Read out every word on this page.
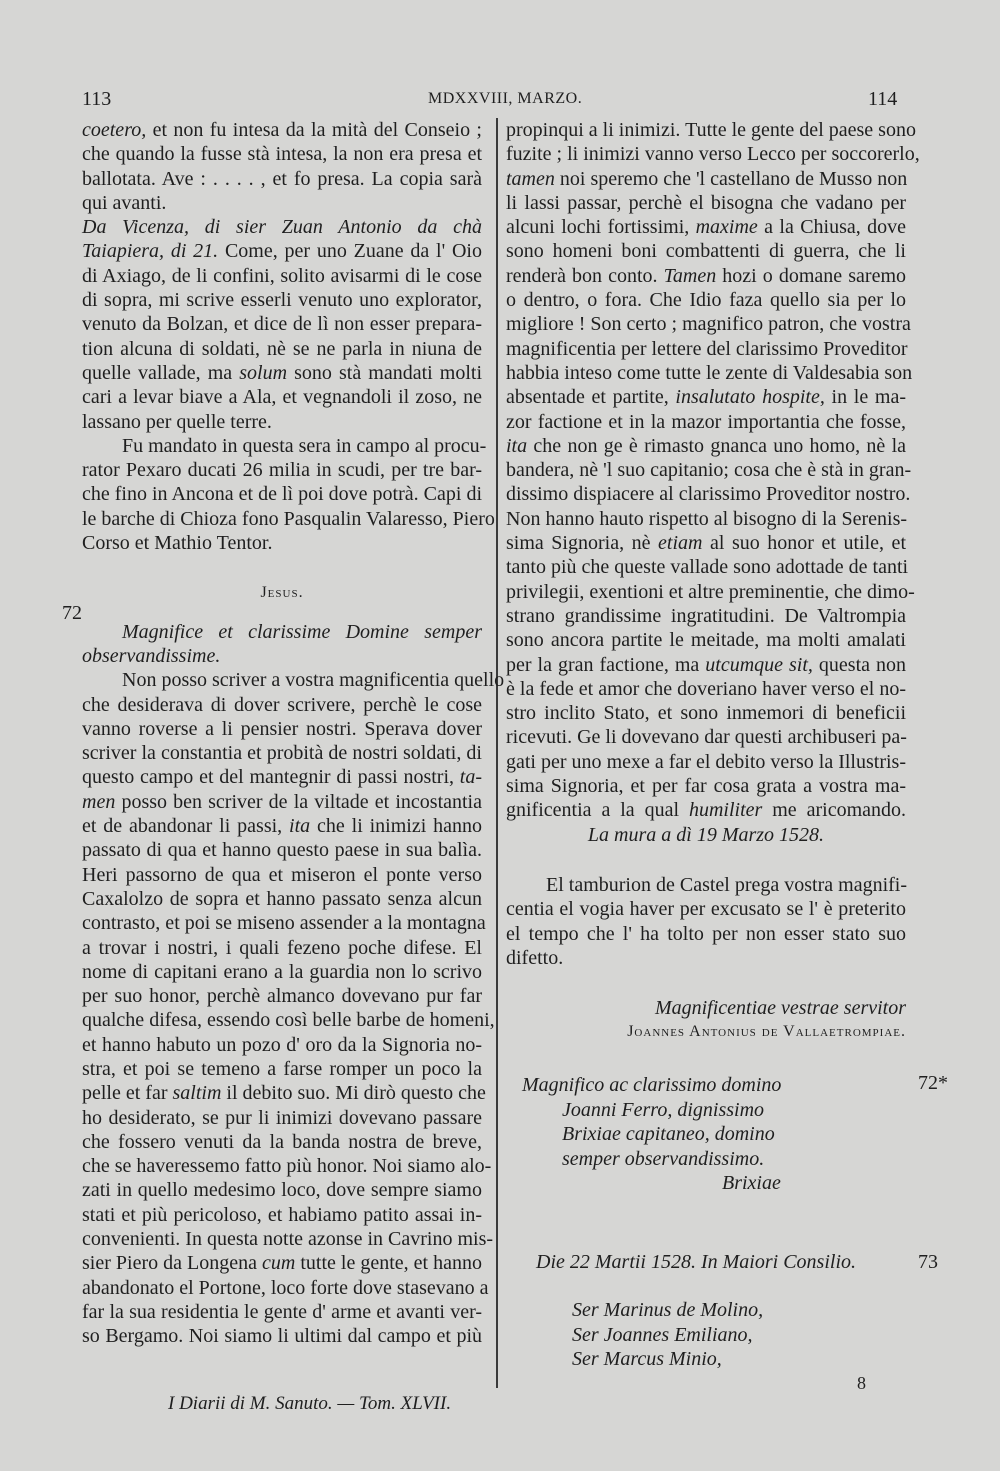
113	MDXXVIII, MARZO.	114
coetero, et non fu intesa da la mità del Conseio ;
che quando la fusse stà intesa, la non era presa et
ballotata. Ave : . . . . , et fo presa. La copia sarà
qui avanti.
Da Vicenza, di sier Zuan Antonio da chà
Taiapiera, di 21. Come, per uno Zuane da l' Oio
di Axiago, de li confini, solito avisarmi di le cose
di sopra, mi scrive esserli venuto uno explorator,
venuto da Bolzan, et dice de lì non esser prepara-
tion alcuna di soldati, nè se ne parla in niuna de
quelle vallade, ma solum sono stà mandati molti
cari a levar biave a Ala, et vegnandoli il zoso, ne
lassano per quelle terre.
Fu mandato in questa sera in campo al procu-
rator Pexaro ducati 26 milia in scudi, per tre bar-
che fino in Ancona et de lì poi dove potrà. Capi di
le barche di Chioza fono Pasqualin Valaresso, Piero
Corso et Mathio Tentor.
Jesus.
Magnifice et clarissime Domine semper
observandissime.
Non posso scriver a vostra magnificentia quello
che desiderava di dover scrivere, perchè le cose
vanno roverse a li pensier nostri. Sperava dover
scriver la constantia et probità de nostri soldati, di
questo campo et del mantegnir di passi nostri, ta-
men posso ben scriver de la viltade et incostantia
et de abandonar li passi, ita che li inimizi hanno
passato di qua et hanno questo paese in sua balìa.
Heri passorno de qua et miseron el ponte verso
Caxalolzo de sopra et hanno passato senza alcun
contrasto, et poi se miseno assender a la montagna
a trovar i nostri, i quali fezeno poche difese. El
nome di capitani erano a la guardia non lo scrivo
per suo honor, perchè almanco dovevano pur far
qualche difesa, essendo così belle barbe de homeni,
et hanno habuto un pozo d' oro da la Signoria no-
stra, et poi se temeno a farse romper un poco la
pelle et far saltim il debito suo. Mi dirò questo che
ho desiderato, se pur li inimizi dovevano passare
che fossero venuti da la banda nostra de breve,
che se haveressemo fatto più honor. Noi siamo alo-
zati in quello medesimo loco, dove sempre siamo
stati et più pericoloso, et habiamo patito assai in-
convenienti. In questa notte azonse in Cavrino mis-
sier Piero da Longena cum tutte le gente, et hanno
abandonato el Portone, loco forte dove stasevano a
far la sua residentia le gente d' arme et avanti ver-
so Bergamo. Noi siamo li ultimi dal campo et più
propinqui a li inimizi. Tutte le gente del paese sono
fuzite ; li inimizi vanno verso Lecco per soccorerlo,
tamen noi speremo che 'l castellano de Musso non
li lassi passar, perchè el bisogna che vadano per
alcuni lochi fortissimi, maxime a la Chiusa, dove
sono homeni boni combattenti di guerra, che li
renderà bon conto. Tamen hozi o domane saremo
o dentro, o fora. Che Idio faza quello sia per lo
migliore ! Son certo ; magnifico patron, che vostra
magnificentia per lettere del clarissimo Proveditor
habbia inteso come tutte le zente di Valdesabia son
absentade et partite, insalutato hospite, in le ma-
zor factione et in la mazor importantia che fosse,
ita che non ge è rimasto gnanca uno homo, nè la
bandera, nè 'l suo capitanio; cosa che è stà in gran-
dissimo dispiacere al clarissimo Proveditor nostro.
Non hanno hauto rispetto al bisogno di la Serenis-
sima Signoria, nè etiam al suo honor et utile, et
tanto più che queste vallade sono adottade de tanti
privilegii, exentioni et altre preminentie, che dimo-
strano grandissime ingratitudini. De Valtrompia
sono ancora partite le meitade, ma molti amalati
per la gran factione, ma utcumque sit, questa non
è la fede et amor che doveriano haver verso el no-
stro inclito Stato, et sono inmemori di beneficii
ricevuti. Ge li dovevano dar questi archibuseri pa-
gati per uno mexe a far el debito verso la Illustris-
sima Signoria, et per far cosa grata a vostra ma-
gnificentia a la qual humiliter me aricomando.
La mura a dì 19 Marzo 1528.
El tamburion de Castel prega vostra magnifi-
centia el vogia haver per excusato se l' è preterito
el tempo che l' ha tolto per non esser stato suo
difetto.
Magnificentiae vestrae servitor
Joannes Antonius de Vallaetrompiae.
Magnifico ac clarissimo domino
Joanni Ferro, dignissimo
Brixiae capitaneo, domino
semper observandissimo.
Brixiae
Die 22 Martii 1528. In Maiori Consilio.
Ser Marinus de Molino,
Ser Joannes Emiliano,
Ser Marcus Minio,
72
72*
73
8
I Diarii di M. Sanuto. — Tom. XLVII.
